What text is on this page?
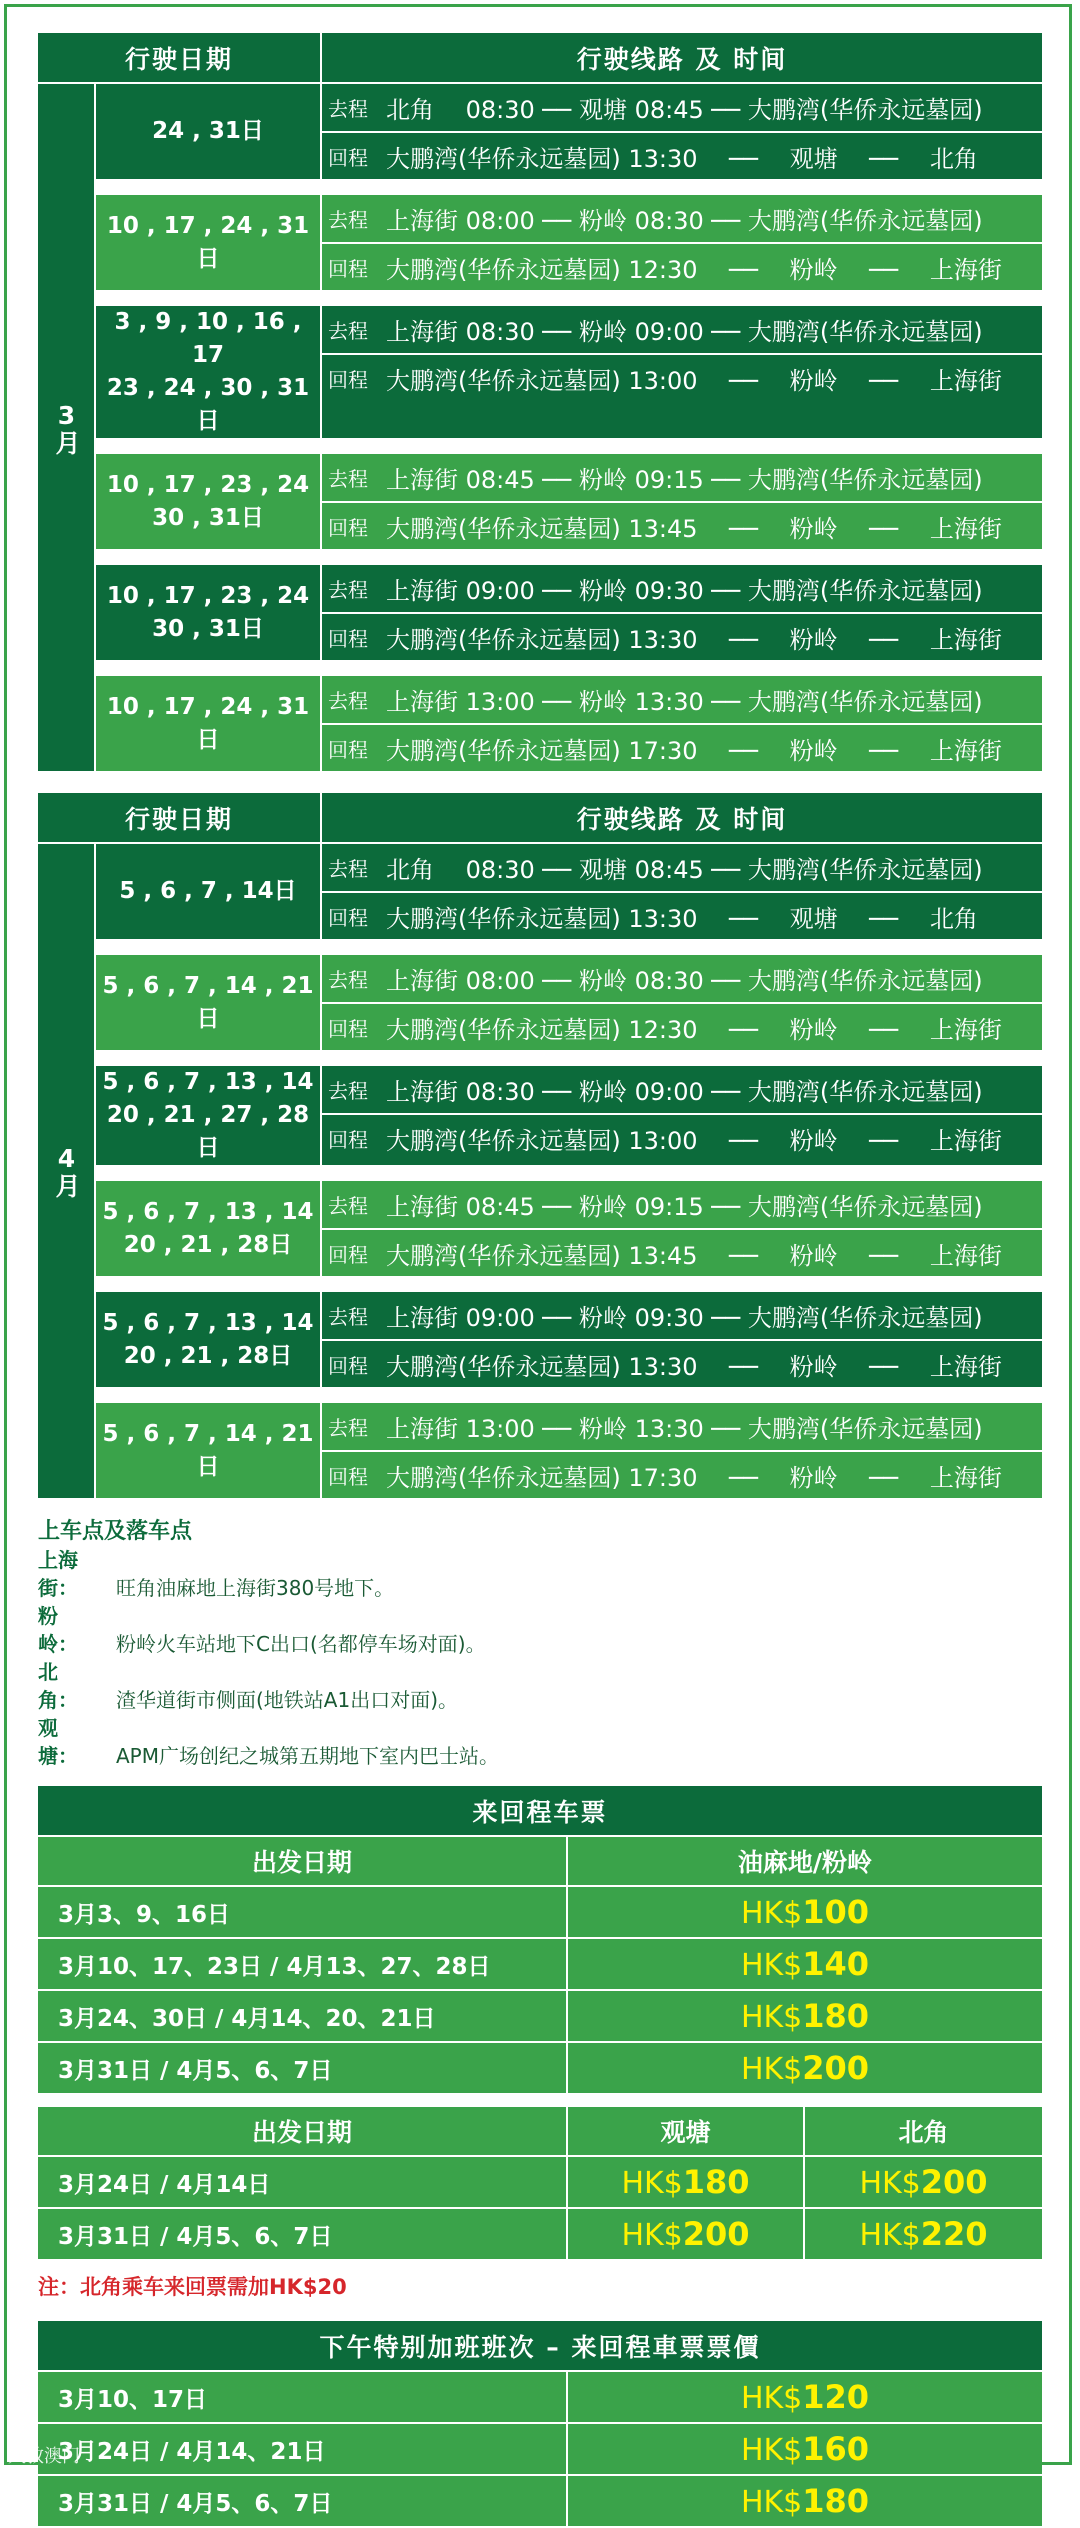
行驶日期	行驶线路 及 时间
3月
24 , 31日
去程 北角　 08:30 ── 观塘 08:45 ── 大鹏湾(华侨永远墓园)
回程 大鹏湾(华侨永远墓园) 13:30　 ──　 观塘　 ──　 北角
10 , 17 , 24 , 31日
去程 上海街 08:00 ── 粉岭 08:30 ── 大鹏湾(华侨永远墓园)
回程 大鹏湾(华侨永远墓园) 12:30　 ──　 粉岭　 ──　 上海街
3 , 9 , 10 , 16 , 17
23 , 24 , 30 , 31日
去程 上海街 08:30 ── 粉岭 09:00 ── 大鹏湾(华侨永远墓园)
回程 大鹏湾(华侨永远墓园) 13:00　 ──　 粉岭　 ──　 上海街
10 , 17 , 23 , 24
30 , 31日
去程 上海街 08:45 ── 粉岭 09:15 ── 大鹏湾(华侨永远墓园)
回程 大鹏湾(华侨永远墓园) 13:45　 ──　 粉岭　 ──　 上海街
10 , 17 , 23 , 24
30 , 31日
去程 上海街 09:00 ── 粉岭 09:30 ── 大鹏湾(华侨永远墓园)
回程 大鹏湾(华侨永远墓园) 13:30　 ──　 粉岭　 ──　 上海街
10 , 17 , 24 , 31日
去程 上海街 13:00 ── 粉岭 13:30 ── 大鹏湾(华侨永远墓园)
回程 大鹏湾(华侨永远墓园) 17:30　 ──　 粉岭　 ──　 上海街
行驶日期	行驶线路 及 时间
4月
5 , 6 , 7 , 14日
去程 北角　 08:30 ── 观塘 08:45 ── 大鹏湾(华侨永远墓园)
回程 大鹏湾(华侨永远墓园) 13:30　 ──　 观塘　 ──　 北角
5 , 6 , 7 , 14 , 21日
去程 上海街 08:00 ── 粉岭 08:30 ── 大鹏湾(华侨永远墓园)
回程 大鹏湾(华侨永远墓园) 12:30　 ──　 粉岭　 ──　 上海街
5 , 6 , 7 , 13 , 14
20 , 21 , 27 , 28日
去程 上海街 08:30 ── 粉岭 09:00 ── 大鹏湾(华侨永远墓园)
回程 大鹏湾(华侨永远墓园) 13:00　 ──　 粉岭　 ──　 上海街
5 , 6 , 7 , 13 , 14
20 , 21 , 28日
去程 上海街 08:45 ── 粉岭 09:15 ── 大鹏湾(华侨永远墓园)
回程 大鹏湾(华侨永远墓园) 13:45　 ──　 粉岭　 ──　 上海街
5 , 6 , 7 , 13 , 14
20 , 21 , 28日
去程 上海街 09:00 ── 粉岭 09:30 ── 大鹏湾(华侨永远墓园)
回程 大鹏湾(华侨永远墓园) 13:30　 ──　 粉岭　 ──　 上海街
5 , 6 , 7 , 14 , 21日
去程 上海街 13:00 ── 粉岭 13:30 ── 大鹏湾(华侨永远墓园)
回程 大鹏湾(华侨永远墓园) 17:30　 ──　 粉岭　 ──　 上海街
上车点及落车点
上海街： 旺角油麻地上海街380号地下。
粉　岭： 粉岭火车站地下C出口(名都停车场对面)。
北　角： 渣华道街市侧面(地铁站A1出口对面)。
观　塘： APM广场创纪之城第五期地下室内巴士站。
来回程车票
出发日期	油麻地/粉岭
3月3、9、16日	HK$100
3月10、17、23日 / 4月13、27、28日	HK$140
3月24、30日 / 4月14、20、21日	HK$180
3月31日 / 4月5、6、7日	HK$200
出发日期	观塘	北角
3月24日 / 4月14日	HK$180	HK$200
3月31日 / 4月5、6、7日	HK$200	HK$220
注：北角乘车来回票需加HK$20
下午特别加班班次 – 来回程車票票價
3月10、17日	HK$120
3月24日 / 4月14、21日	HK$160
3月31日 / 4月5、6、7日	HK$180
大敦澳门
